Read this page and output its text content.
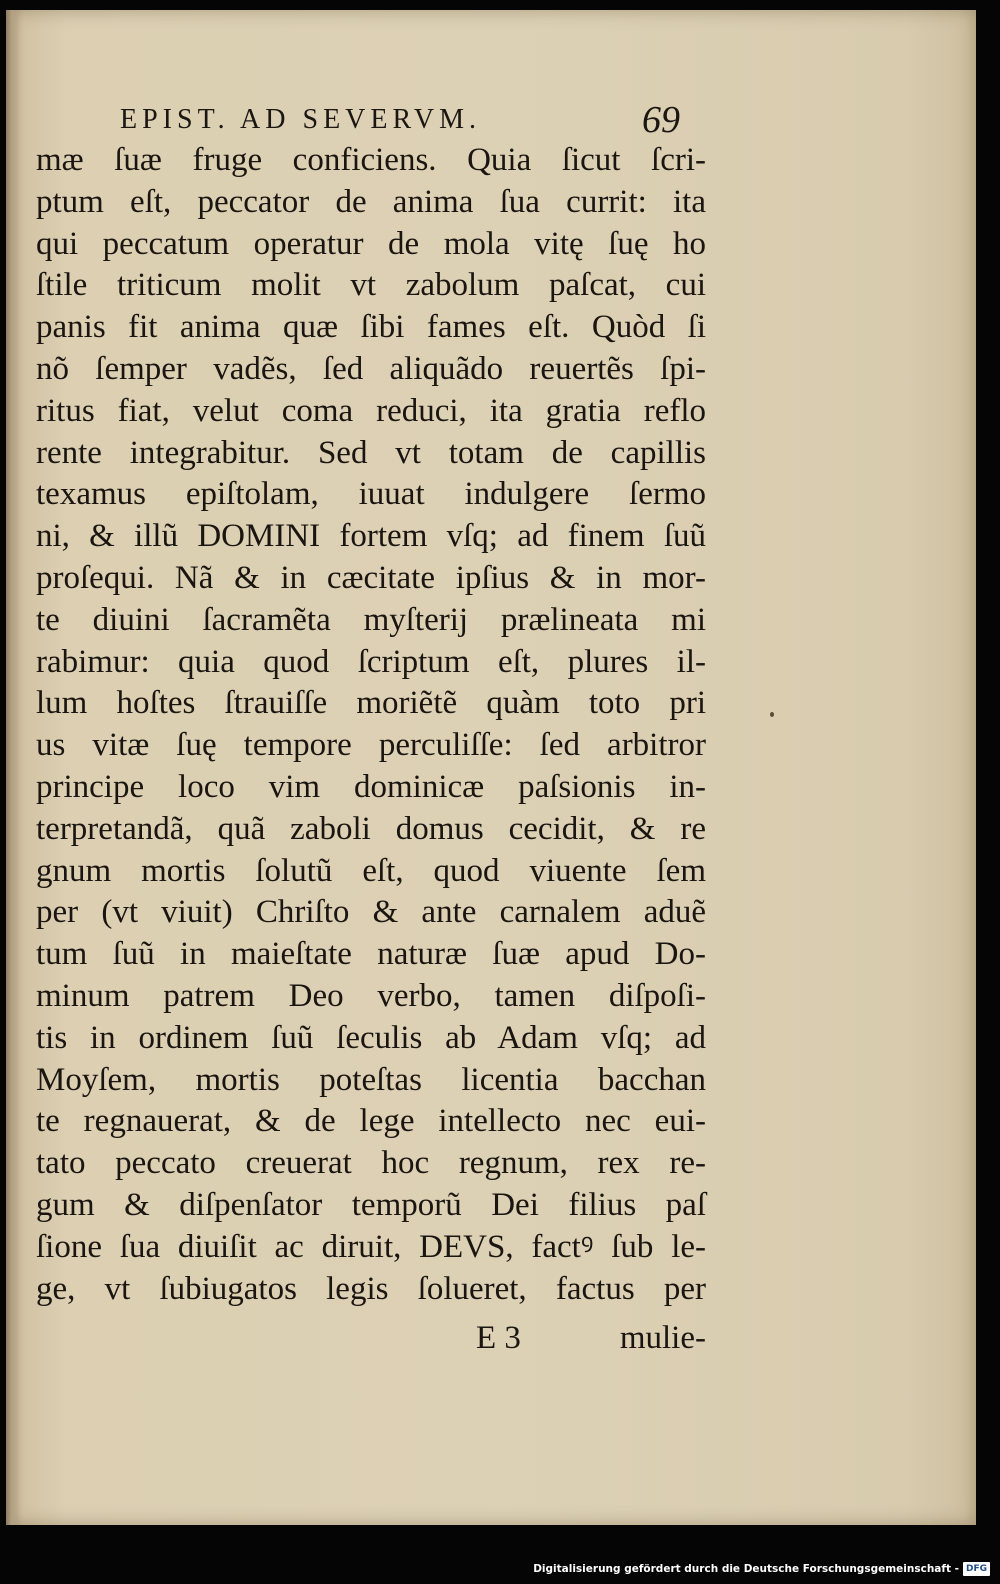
EPIST. AD SEVERVM.	69
mæ ſuæ fruge conficiens. Quia ſicut ſcri-
ptum eſt, peccator de anima ſua currit: ita
qui peccatum operatur de mola vitę ſuę ho
ſtile triticum molit vt zabolum paſcat, cui
panis fit anima quæ ſibi fames eſt. Quòd ſi
nõ ſemper vadẽs, ſed aliquãdo reuertẽs ſpi-
ritus fiat, velut coma reduci, ita gratia reflo
rente integrabitur. Sed vt totam de capillis
texamus epiſtolam, iuuat indulgere ſermo
ni, & illũ DOMINI fortem vſq; ad finem ſuũ
proſequi. Nã & in cæcitate ipſius & in mor-
te diuini ſacramẽta myſterij prælineata mi
rabimur: quia quod ſcriptum eſt, plures il-
lum hoſtes ſtrauiſſe moriẽtẽ quàm toto pri
us vitæ ſuę tempore perculiſſe: ſed arbitror
principe loco vim dominicæ paſsionis in-
terpretandã, quã zaboli domus cecidit, & re
gnum mortis ſolutũ eſt, quod viuente ſem
per (vt viuit) Chriſto & ante carnalem aduẽ
tum ſuũ in maieſtate naturæ ſuæ apud Do-
minum patrem Deo verbo, tamen diſpoſi-
tis in ordinem ſuũ ſeculis ab Adam vſq; ad
Moyſem, mortis poteſtas licentia bacchan
te regnauerat, & de lege intellecto nec eui-
tato peccato creuerat hoc regnum, rex re-
gum & diſpenſator temporũ Dei filius paſ
ſione ſua diuiſit ac diruit, DEVS, factꝰ ſub le-
ge, vt ſubiugatos legis ſolueret, factus per
E 3	mulie-
Digitalisierung gefördert durch die Deutsche Forschungsgemeinschaft - DFG
